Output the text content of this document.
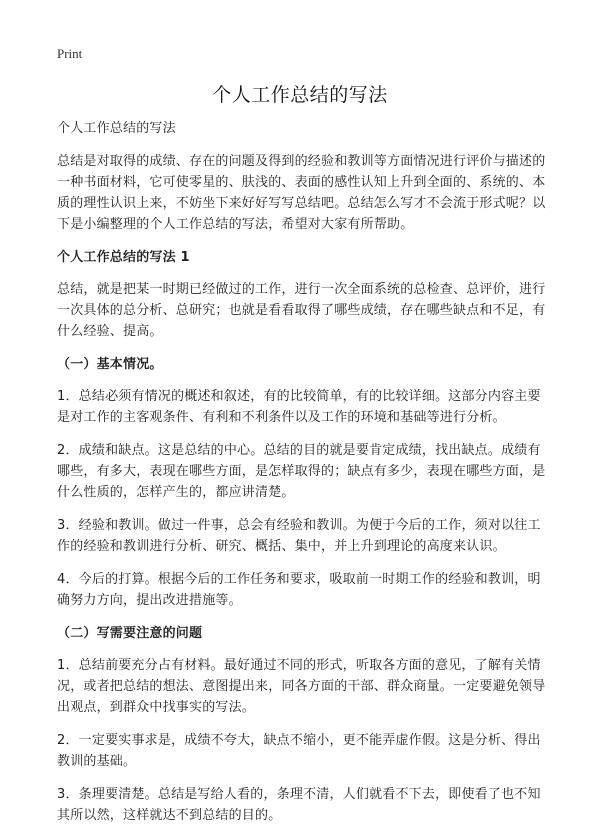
Print
个人工作总结的写法

个人工作总结的写法

总结是对取得的成绩、存在的问题及得到的经验和教训等方面情况进行评价与描述的一种书面材料，它可使零星的、肤浅的、表面的感性认知上升到全面的、系统的、本质的理性认识上来，不妨坐下来好好写写总结吧。总结怎么写才不会流于形式呢？以下是小编整理的个人工作总结的写法，希望对大家有所帮助。

个人工作总结的写法 1

总结，就是把某一时期已经做过的工作，进行一次全面系统的总检查、总评价，进行一次具体的总分析、总研究；也就是看看取得了哪些成绩，存在哪些缺点和不足，有什么经验、提高。

（一）基本情况。

1．总结必须有情况的概述和叙述，有的比较简单，有的比较详细。这部分内容主要是对工作的主客观条件、有利和不利条件以及工作的环境和基础等进行分析。

2．成绩和缺点。这是总结的中心。总结的目的就是要肯定成绩，找出缺点。成绩有哪些，有多大，表现在哪些方面，是怎样取得的；缺点有多少，表现在哪些方面，是什么性质的，怎样产生的，都应讲清楚。

3．经验和教训。做过一件事，总会有经验和教训。为便于今后的工作，须对以往工作的经验和教训进行分析、研究、概括、集中，并上升到理论的高度来认识。

4．今后的打算。根据今后的工作任务和要求，吸取前一时期工作的经验和教训，明确努力方向，提出改进措施等。

（二）写需要注意的问题

1．总结前要充分占有材料。最好通过不同的形式，听取各方面的意见，了解有关情况，或者把总结的想法、意图提出来，同各方面的干部、群众商量。一定要避免领导出观点，到群众中找事实的写法。

2．一定要实事求是，成绩不夸大，缺点不缩小，更不能弄虚作假。这是分析、得出教训的基础。

3．条理要清楚。总结是写给人看的，条理不清，人们就看不下去，即使看了也不知其所以然，这样就达不到总结的目的。
